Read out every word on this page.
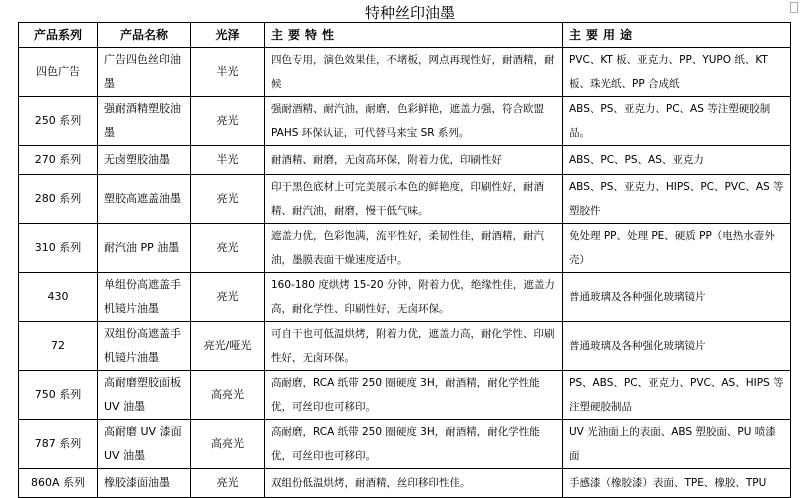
特种丝印油墨
产品系列	产品名称	光泽	主要特性	主要用途
四色广告	广告四色丝印油墨	半光	四色专用，演色效果佳，不堵板，网点再现性好，耐酒精，耐候	PVC、KT 板、亚克力、PP、YUPO 纸、KT 板、珠光纸、PP 合成纸
250 系列	强耐酒精塑胶油墨	亮光	强耐酒精、耐汽油，耐磨，色彩鲜艳，遮盖力强，符合欧盟 PAHS 环保认证，可代替马来宝 SR 系列。	ABS、PS、亚克力、PC、AS 等注塑硬胶制品。
270 系列	无卤塑胶油墨	半光	耐酒精、耐磨，无卤高环保，附着力优，印刷性好	ABS、PC、PS、AS、亚克力
280 系列	塑胶高遮盖油墨	亮光	印于黑色底材上可完美展示本色的鲜艳度，印刷性好，耐酒精、耐汽油，耐磨，慢干低气味。	ABS、PS、亚克力、HIPS、PC、PVC、AS 等塑胶件
310 系列	耐汽油 PP 油墨	亮光	遮盖力优，色彩饱满，流平性好，柔韧性佳，耐酒精，耐汽油，墨膜表面干燥速度适中。	免处理 PP、处理 PE、硬质 PP（电热水壶外壳）
430	单组份高遮盖手机镜片油墨	亮光	160-180 度烘烤 15-20 分钟，附着力优，绝缘性佳，遮盖力高，耐化学性、印刷性好，无卤环保。	普通玻璃及各种强化玻璃镜片
72	双组份高遮盖手机镜片油墨	亮光/哑光	可自干也可低温烘烤，附着力优，遮盖力高，耐化学性、印刷性好，无卤环保。	普通玻璃及各种强化玻璃镜片
750 系列	高耐磨塑胶面板 UV 油墨	高亮光	高耐磨，RCA 纸带 250 圈硬度 3H，耐酒精，耐化学性能优，可丝印也可移印。	PS、ABS、PC、亚克力、PVC、AS、HIPS 等注塑硬胶制品
787 系列	高耐磨 UV 漆面 UV 油墨	高亮光	高耐磨，RCA 纸带 250 圈硬度 3H，耐酒精，耐化学性能优，可丝印也可移印。	UV 光油面上的表面、ABS 塑胶面、PU 喷漆面
860A 系列	橡胶漆面油墨	亮光	双组份低温烘烤，耐酒精，丝印移印性佳。	手感漆（橡胶漆）表面、TPE、橡胶、TPU
